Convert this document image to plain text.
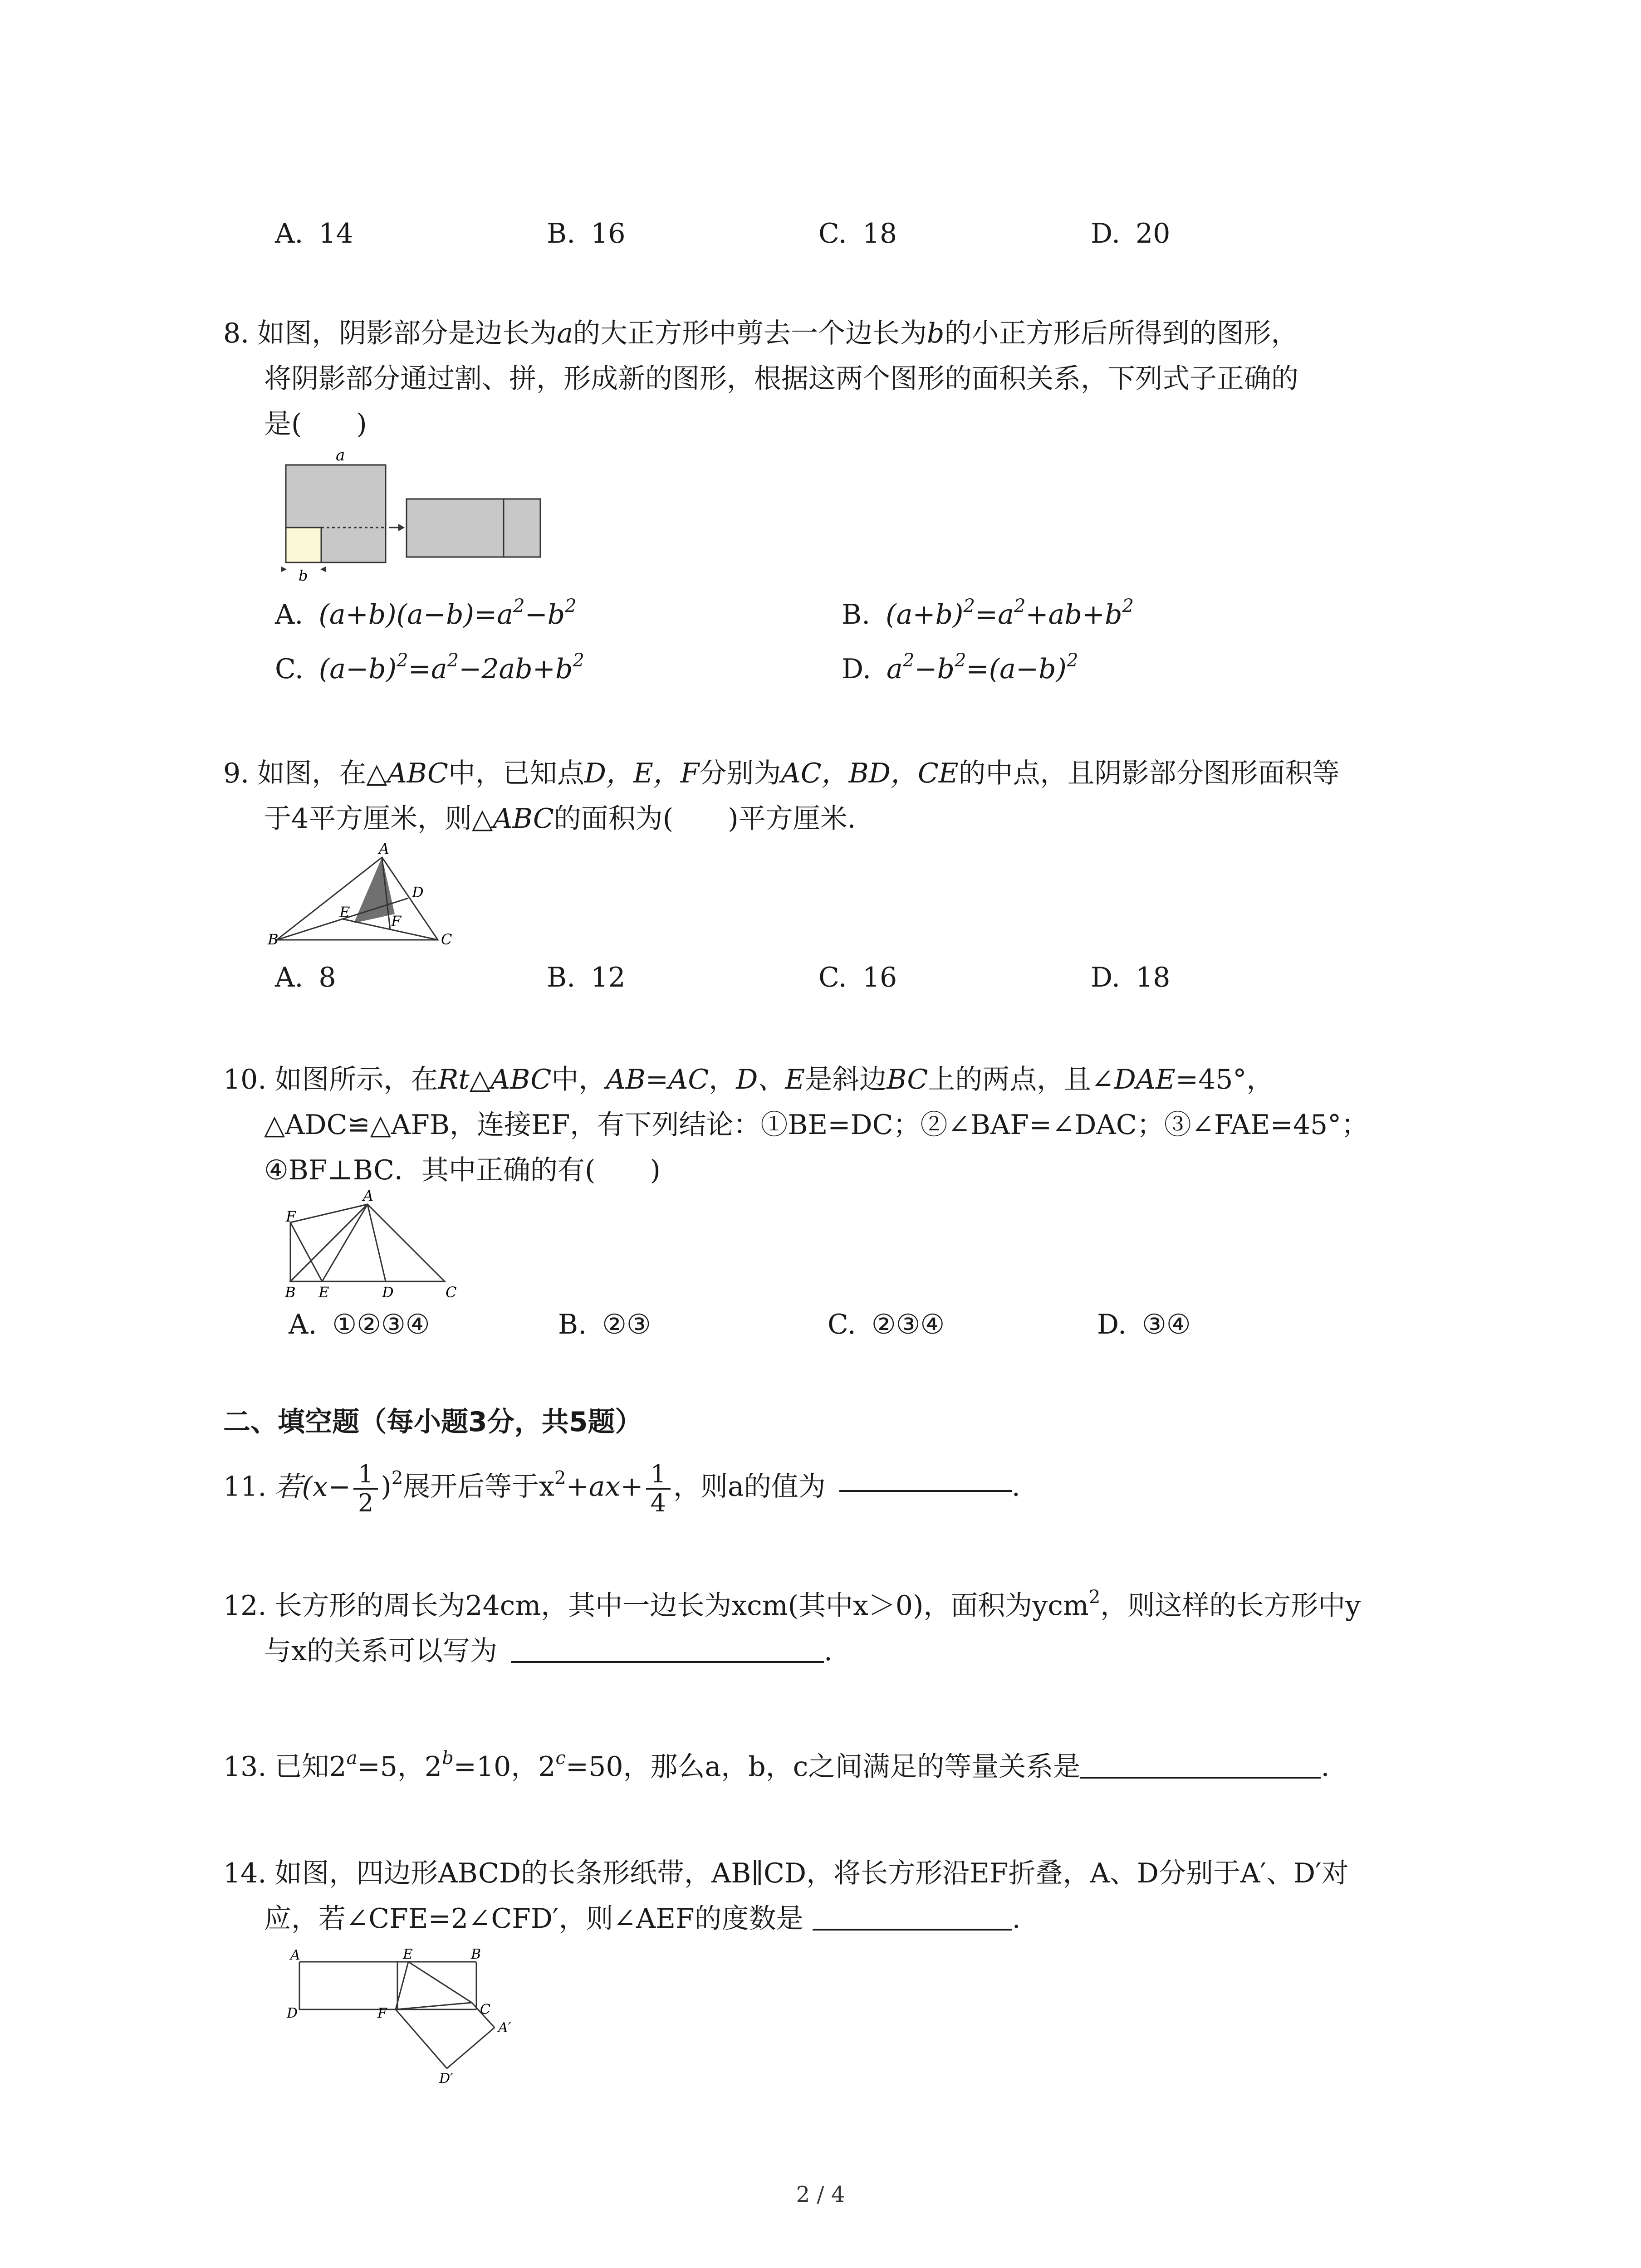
A. 14	B. 16	C. 18	D. 20
8. 如图，阴影部分是边长为a的大正方形中剪去一个边长为b的小正方形后所得到的图形，
将阴影部分通过割、拼，形成新的图形，根据这两个图形的面积关系，下列式子正确的
是(　　)
a
b
A. $(a+b)(a-b)=a^2-b^2$	B. $(a+b)^2=a^2+ab+b^2$
C. $(a-b)^2=a^2-2ab+b^2$	D. $a^2-b^2=(a-b)^2$
9. 如图，在△ABC中，已知点D，E，F分别为AC，BD，CE的中点，且阴影部分图形面积等
于4平方厘米，则△ABC的面积为(　　)平方厘米．
A
B	C
D
E
F
A. 8	B. 12	C. 16	D. 18
10. 如图所示，在Rt△ABC中，AB=AC，D、E是斜边BC上的两点，且∠DAE=45°，
△ADC≌△AFB，连接EF，有下列结论：①BE=DC；②∠BAF=∠DAC；③∠FAE=45°；
④BF⊥BC．其中正确的有(　　)
A
B E	D	C
F
A. ①②③④	B. ②③	C. ②③④	D. ③④
二、填空题（每小题3分，共5题）
11. 若$(x- \frac{1}{2} )^2$展开后等于$x^2+ax+ \frac{1}{4}$ ，则a的值为	.
12. 长方形的周长为24cm，其中一边长为xcm(其中x＞0)，面积为ycm$^2$，则这样的长方形中y
与x的关系可以写为	.
13. 已知$2^a=5$，$2^b=10$，$2^c=50$，那么a，b，c之间满足的等量关系是	.
14. 如图，四边形ABCD的长条形纸带，AB∥CD，将长方形沿EF折叠，A、D分别于A′、D′对
应，若∠CFE=2∠CFD′，则∠AEF的度数是	.
A	E	B
D	F	C
A′
D′
2 / 4
